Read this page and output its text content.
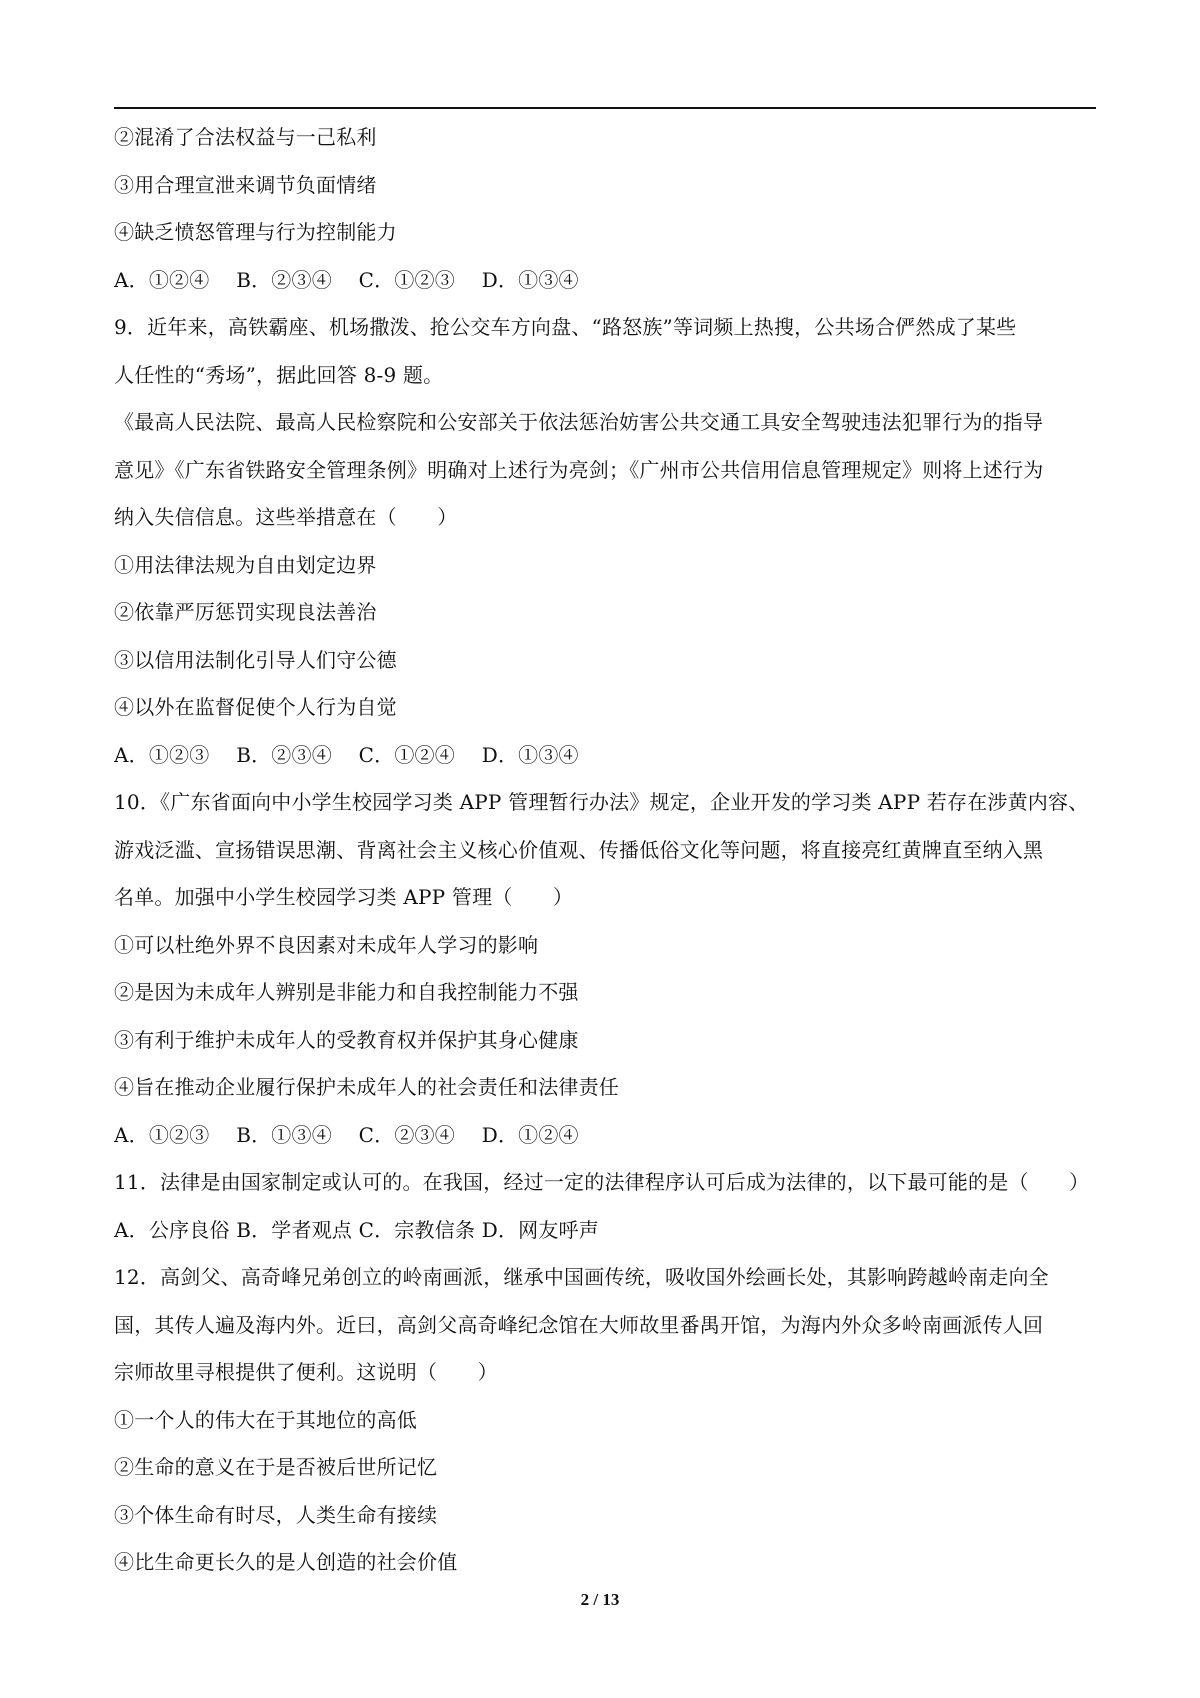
②混淆了合法权益与一己私利
③用合理宣泄来调节负面情绪
④缺乏愤怒管理与行为控制能力
A．①②④　 B．②③④　 C．①②③　 D．①③④
9．近年来，高铁霸座、机场撒泼、抢公交车方向盘、“路怒族”等词频上热搜，公共场合俨然成了某些
人任性的“秀场”，据此回答 8-9 题。
《最高人民法院、最高人民检察院和公安部关于依法惩治妨害公共交通工具安全驾驶违法犯罪行为的指导
意见》《广东省铁路安全管理条例》明确对上述行为亮剑；《广州市公共信用信息管理规定》则将上述行为
纳入失信信息。这些举措意在（　　）
①用法律法规为自由划定边界
②依靠严厉惩罚实现良法善治
③以信用法制化引导人们守公德
④以外在监督促使个人行为自觉
A．①②③　 B．②③④　 C．①②④　 D．①③④
10．《广东省面向中小学生校园学习类 APP 管理暂行办法》规定，企业开发的学习类 APP 若存在涉黄内容、
游戏泛滥、宣扬错误思潮、背离社会主义核心价值观、传播低俗文化等问题，将直接亮红黄牌直至纳入黑
名单。加强中小学生校园学习类 APP 管理（　　）
①可以杜绝外界不良因素对未成年人学习的影响
②是因为未成年人辨别是非能力和自我控制能力不强
③有利于维护未成年人的受教育权并保护其身心健康
④旨在推动企业履行保护未成年人的社会责任和法律责任
A．①②③　 B．①③④　 C．②③④　 D．①②④
11．法律是由国家制定或认可的。在我国，经过一定的法律程序认可后成为法律的，以下最可能的是（　　）
A．公序良俗 B．学者观点 C．宗教信条 D．网友呼声
12．高剑父、高奇峰兄弟创立的岭南画派，继承中国画传统，吸收国外绘画长处，其影响跨越岭南走向全
国，其传人遍及海内外。近曰，高剑父高奇峰纪念馆在大师故里番禺开馆，为海内外众多岭南画派传人回
宗师故里寻根提供了便利。这说明（　　）
①一个人的伟大在于其地位的高低
②生命的意义在于是否被后世所记忆
③个体生命有时尽，人类生命有接续
④比生命更长久的是人创造的社会价值
2 / 13
